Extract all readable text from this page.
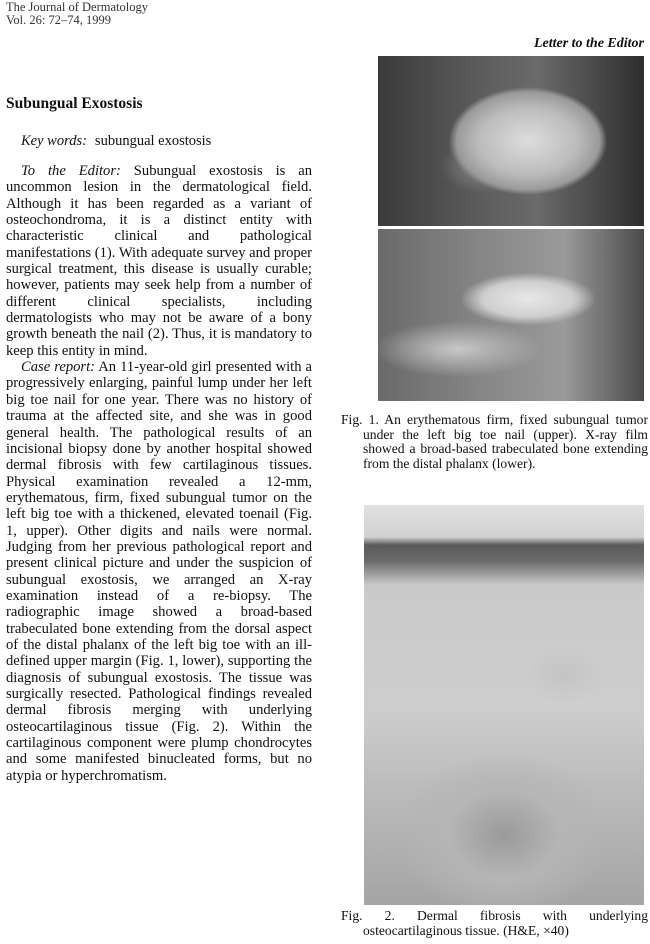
The Journal of Dermatology
Vol. 26: 72–74, 1999
Letter to the Editor
Subungual Exostosis
Key words: subungual exostosis

To the Editor: Subungual exostosis is an uncommon lesion in the dermatological field. Although it has been regarded as a variant of osteochondroma, it is a distinct entity with characteristic clinical and pathological manifestations (1). With adequate survey and proper surgical treatment, this disease is usually curable; however, patients may seek help from a number of different clinical specialists, including dermatologists who may not be aware of a bony growth beneath the nail (2). Thus, it is mandatory to keep this entity in mind.

Case report: An 11-year-old girl presented with a progressively enlarging, painful lump under her left big toe nail for one year. There was no history of trauma at the affected site, and she was in good general health. The pathological results of an incisional biopsy done by another hospital showed dermal fibrosis with few cartilaginous tissues. Physical examination revealed a 12-mm, erythematous, firm, fixed subungual tumor on the left big toe with a thickened, elevated toenail (Fig. 1, upper). Other digits and nails were normal. Judging from her previous pathological report and present clinical picture and under the suspicion of subungual exostosis, we arranged an X-ray examination instead of a re-biopsy. The radiographic image showed a broad-based trabeculated bone extending from the dorsal aspect of the distal phalanx of the left big toe with an ill-defined upper margin (Fig. 1, lower), supporting the diagnosis of subungual exostosis. The tissue was surgically resected. Pathological findings revealed dermal fibrosis merging with underlying osteocartilaginous tissue (Fig. 2). Within the cartilaginous component were plump chondrocytes and some manifested binucleated forms, but no atypia or hyperchromatism.

Fig. 1. An erythematous firm, fixed subungual tumor under the left big toe nail (upper). X-ray film showed a broad-based trabeculated bone extending from the distal phalanx (lower).
Fig. 2. Dermal fibrosis with underlying osteocartilaginous tissue. (H&E, ×40)
